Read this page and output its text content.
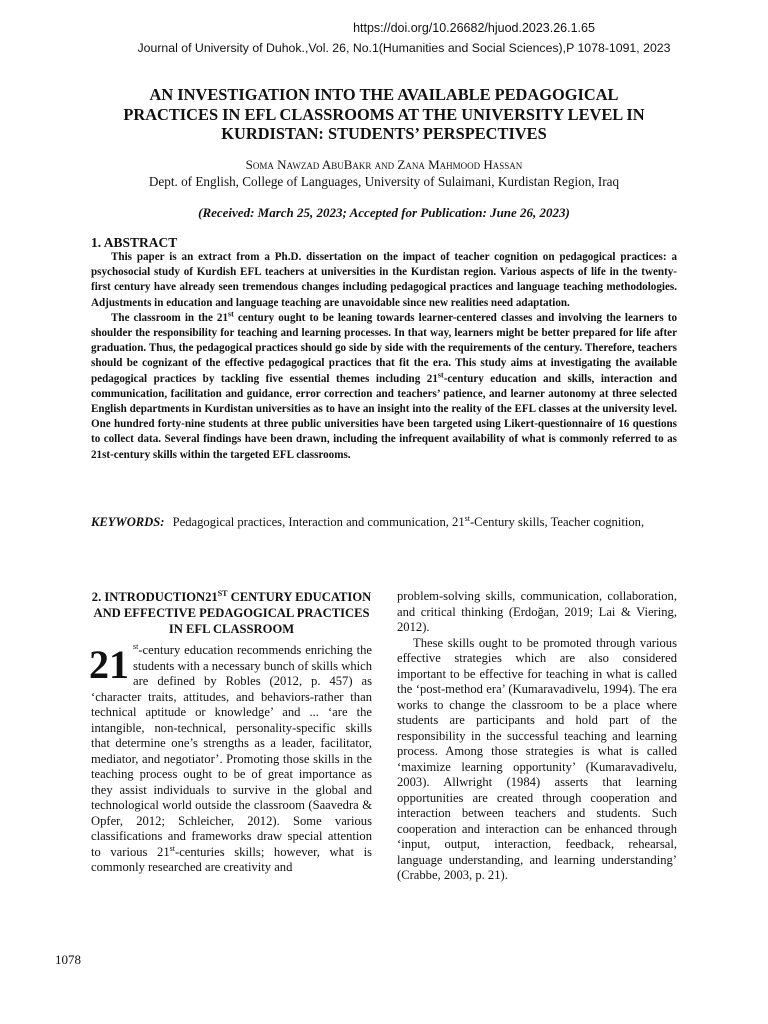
https://doi.org/10.26682/hjuod.2023.26.1.65
Journal of University of Duhok.,Vol. 26, No.1(Humanities and Social Sciences),P 1078-1091, 2023
AN INVESTIGATION INTO THE AVAILABLE PEDAGOGICAL PRACTICES IN EFL CLASSROOMS AT THE UNIVERSITY LEVEL IN KURDISTAN: STUDENTS’ PERSPECTIVES
Soma Nawzad AbuBakr and Zana Mahmood Hassan
Dept. of English, College of Languages, University of Sulaimani, Kurdistan Region, Iraq
(Received: March 25, 2023; Accepted for Publication: June 26, 2023)
1. ABSTRACT

This paper is an extract from a Ph.D. dissertation on the impact of teacher cognition on pedagogical practices: a psychosocial study of Kurdish EFL teachers at universities in the Kurdistan region. Various aspects of life in the twenty-first century have already seen tremendous changes including pedagogical practices and language teaching methodologies. Adjustments in education and language teaching are unavoidable since new realities need adaptation.

The classroom in the 21st century ought to be leaning towards learner-centered classes and involving the learners to shoulder the responsibility for teaching and learning processes. In that way, learners might be better prepared for life after graduation. Thus, the pedagogical practices should go side by side with the requirements of the century. Therefore, teachers should be cognizant of the effective pedagogical practices that fit the era. This study aims at investigating the available pedagogical practices by tackling five essential themes including 21st-century education and skills, interaction and communication, facilitation and guidance, error correction and teachers’ patience, and learner autonomy at three selected English departments in Kurdistan universities as to have an insight into the reality of the EFL classes at the university level. One hundred forty-nine students at three public universities have been targeted using Likert-questionnaire of 16 questions to collect data. Several findings have been drawn, including the infrequent availability of what is commonly referred to as 21st-century skills within the targeted EFL classrooms.

KEYWORDS: Pedagogical practices, Interaction and communication, 21st-Century skills, Teacher cognition,
2. INTRODUCTION21ST CENTURY EDUCATION AND EFFECTIVE PEDAGOGICAL PRACTICES IN EFL CLASSROOM

21 $^{st}$-century education recommends enriching the students with a necessary bunch of skills which are defined by Robles (2012, p. 457) as ‘character traits, attitudes, and behaviors-rather than technical aptitude or knowledge’ and ... ‘are the intangible, non-technical, personality-specific skills that determine one’s strengths as a leader, facilitator, mediator, and negotiator’. Promoting those skills in the teaching process ought to be of great importance as they assist individuals to survive in the global and technological world outside the classroom (Saavedra & Opfer, 2012; Schleicher, 2012). Some various classifications and frameworks draw special attention to various 21st-centuries skills; however, what is commonly researched are creativity and

problem-solving skills, communication, collaboration, and critical thinking (Erdoğan, 2019; Lai & Viering, 2012).

These skills ought to be promoted through various effective strategies which are also considered important to be effective for teaching in what is called the ‘post-method era’ (Kumaravadivelu, 1994). The era works to change the classroom to be a place where students are participants and hold part of the responsibility in the successful teaching and learning process. Among those strategies is what is called ‘maximize learning opportunity’ (Kumaravadivelu, 2003). Allwright (1984) asserts that learning opportunities are created through cooperation and interaction between teachers and students. Such cooperation and interaction can be enhanced through ‘input, output, interaction, feedback, rehearsal, language understanding, and learning understanding’ (Crabbe, 2003, p. 21).

1078
